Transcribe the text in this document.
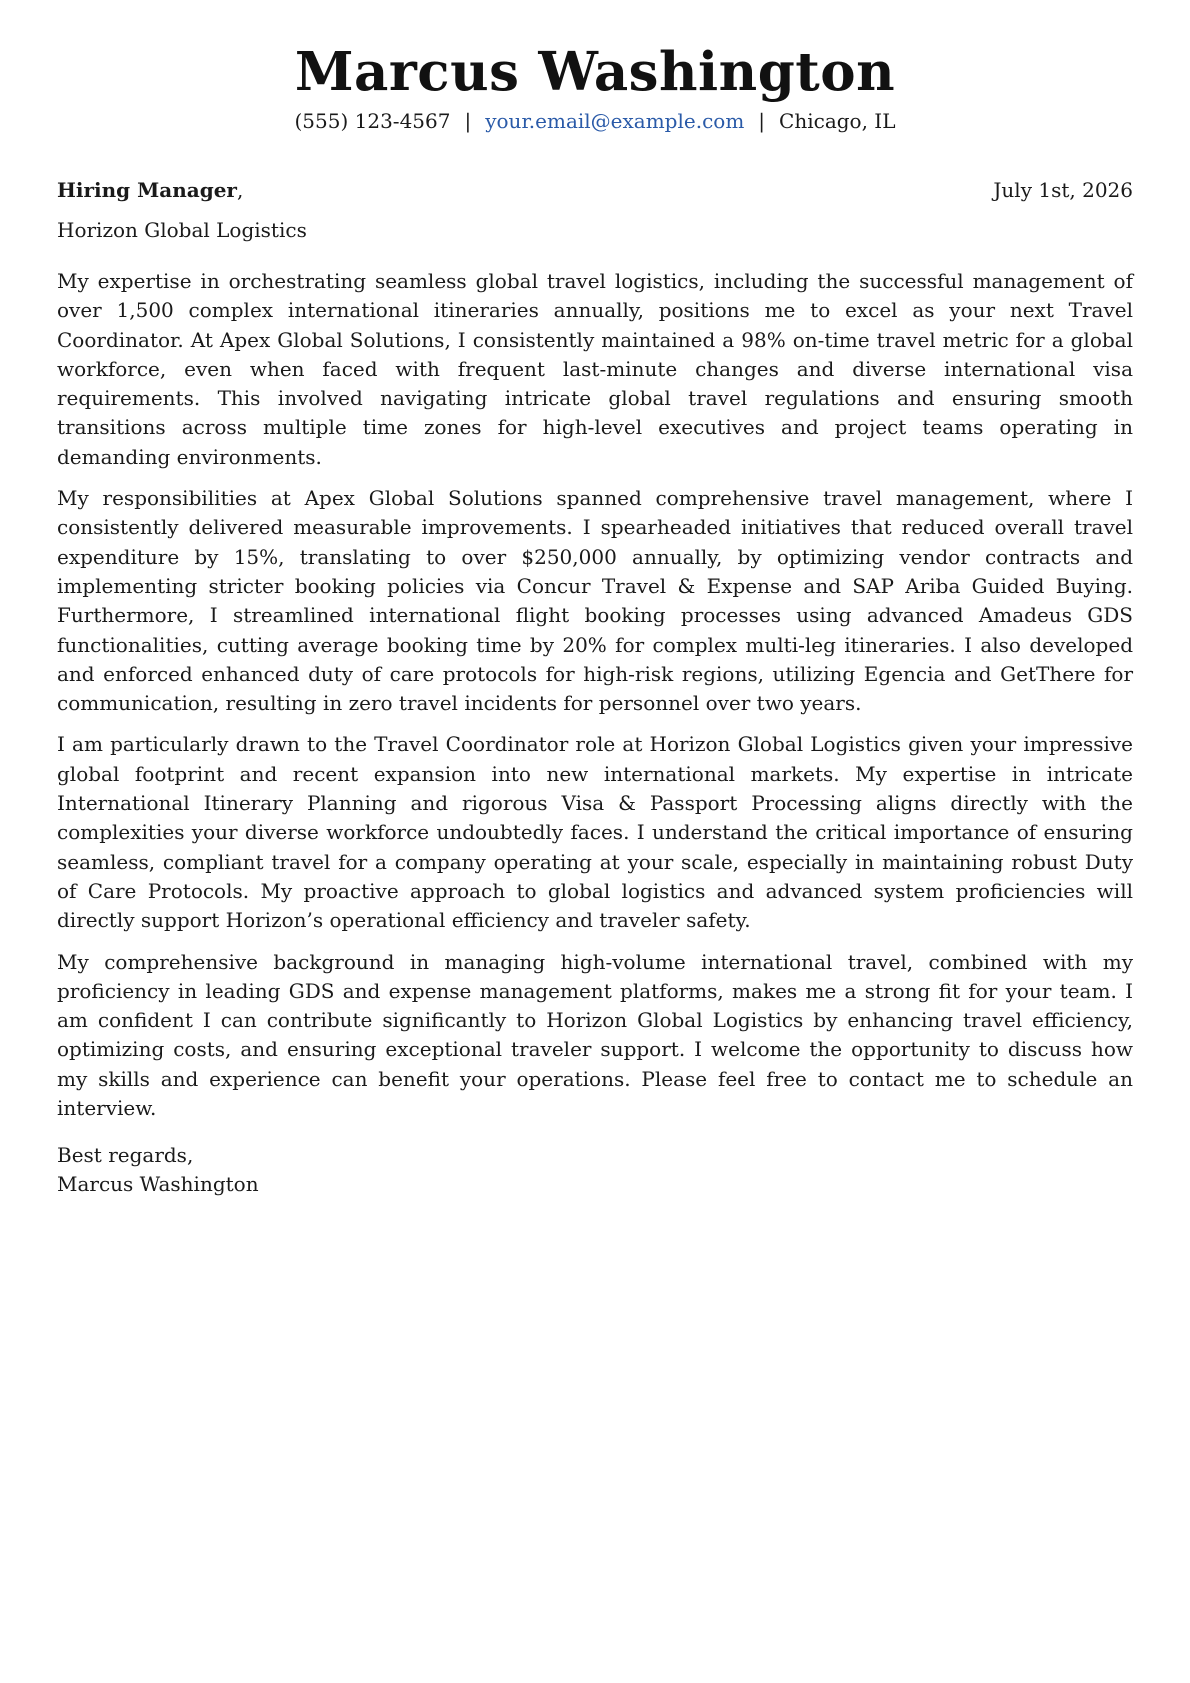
Marcus Washington
(555) 123-4567 | your.email@example.com | Chicago, IL
Hiring Manager,	July 1st, 2026
Horizon Global Logistics

My expertise in orchestrating seamless global travel logistics, including the successful management of over 1,500 complex international itineraries annually, positions me to excel as your next Travel Coordinator. At Apex Global Solutions, I consistently maintained a 98% on-time travel metric for a global workforce, even when faced with frequent last-minute changes and diverse international visa requirements. This involved navigating intricate global travel regulations and ensuring smooth transitions across multiple time zones for high-level executives and project teams operating in demanding environments.

My responsibilities at Apex Global Solutions spanned comprehensive travel management, where I consistently delivered measurable improvements. I spearheaded initiatives that reduced overall travel expenditure by 15%, translating to over $250,000 annually, by optimizing vendor contracts and implementing stricter booking policies via Concur Travel & Expense and SAP Ariba Guided Buying. Furthermore, I streamlined international flight booking processes using advanced Amadeus GDS functionalities, cutting average booking time by 20% for complex multi-leg itineraries. I also developed and enforced enhanced duty of care protocols for high-risk regions, utilizing Egencia and GetThere for communication, resulting in zero travel incidents for personnel over two years.

I am particularly drawn to the Travel Coordinator role at Horizon Global Logistics given your impressive global footprint and recent expansion into new international markets. My expertise in intricate International Itinerary Planning and rigorous Visa & Passport Processing aligns directly with the complexities your diverse workforce undoubtedly faces. I understand the critical importance of ensuring seamless, compliant travel for a company operating at your scale, especially in maintaining robust Duty of Care Protocols. My proactive approach to global logistics and advanced system proficiencies will directly support Horizon’s operational efficiency and traveler safety.

My comprehensive background in managing high-volume international travel, combined with my proficiency in leading GDS and expense management platforms, makes me a strong fit for your team. I am confident I can contribute significantly to Horizon Global Logistics by enhancing travel efficiency, optimizing costs, and ensuring exceptional traveler support. I welcome the opportunity to discuss how my skills and experience can benefit your operations. Please feel free to contact me to schedule an interview.

Best regards,
Marcus Washington
